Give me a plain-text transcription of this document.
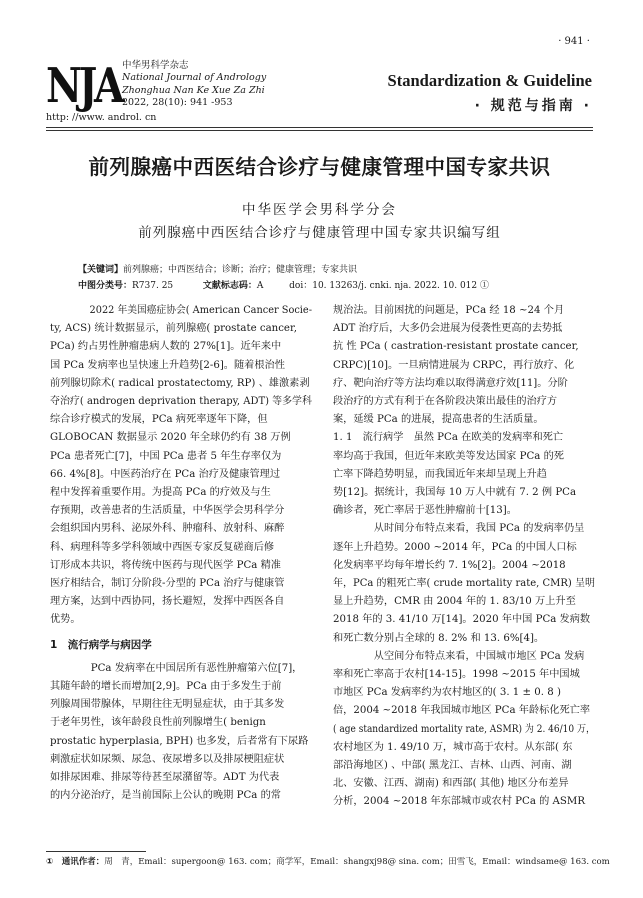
· 941 ·
NJA 中华男科学杂志
National Journal of Andrology
Zhonghua Nan Ke Xue Za Zhi
2022, 28(10): 941 -953
http: //www. androl. cn
Standardization & Guideline
· 规范与指南 ·
前列腺癌中西医结合诊疗与健康管理中国专家共识
中华医学会男科学分会
前列腺癌中西医结合诊疗与健康管理中国专家共识编写组
【关键词】前列腺癌；中西医结合；诊断；治疗；健康管理；专家共识
中图分类号：R737. 25	文献标志码：A	doi：10. 13263/j. cnki. nja. 2022. 10. 012 ①

2022 年美国癌症协会( American Cancer Socie-

ty, ACS) 统计数据显示，前列腺癌( prostate cancer,

PCa) 约占男性肿瘤患病人数的 27%[1]。近年来中

国 PCa 发病率也呈快速上升趋势[2-6]。随着根治性

前列腺切除术( radical prostatectomy, RP) 、雄激素剥

夺治疗( androgen deprivation therapy, ADT) 等多学科

综合诊疗模式的发展，PCa 病死率逐年下降，但

GLOBOCAN 数据显示 2020 年全球仍约有 38 万例

PCa 患者死亡[7]，中国 PCa 患者 5 年生存率仅为

66. 4%[8]。中医药治疗在 PCa 治疗及健康管理过

程中发挥着重要作用。为提高 PCa 的疗效及与生

存预期，改善患者的生活质量，中华医学会男科学分

会组织国内男科、泌尿外科、肿瘤科、放射科、麻醉

科、病理科等多学科领域中西医专家反复磋商后修

订形成本共识，将传统中医药与现代医学 PCa 精准

医疗相结合，制订分阶段-分型的 PCa 治疗与健康管

理方案，达到中西协同，扬长避短，发挥中西医各自

优势。

1　流行病学与病因学

PCa 发病率在中国居所有恶性肿瘤第六位[7]，

其随年龄的增长而增加[2,9]。PCa 由于多发生于前

列腺周围带腺体，早期往往无明显症状，由于其多发

于老年男性，该年龄段良性前列腺增生( benign

prostatic hyperplasia, BPH) 也多发，后者常有下尿路

刺激症状如尿频、尿急、夜尿增多以及排尿梗阻症状

如排尿困难、排尿等待甚至尿潴留等。ADT 为代表

的内分泌治疗，是当前国际上公认的晚期 PCa 的常

规治法。目前困扰的问题是，PCa 经 18 ~24 个月

ADT 治疗后，大多仍会进展为侵袭性更高的去势抵

抗 性 PCa ( castration-resistant prostate cancer,

CRPC)[10]。一旦病情进展为 CRPC，再行放疗、化

疗、靶向治疗等方法均难以取得满意疗效[11]。分阶

段治疗的方式有利于在各阶段决策出最佳的治疗方

案，延缓 PCa 的进展，提高患者的生活质量。

1. 1　流行病学　虽然 PCa 在欧美的发病率和死亡

率均高于我国，但近年来欧美等发达国家 PCa 的死

亡率下降趋势明显，而我国近年来却呈现上升趋

势[12]。据统计，我国每 10 万人中就有 7. 2 例 PCa

确诊者，死亡率居于恶性肿瘤前十[13]。

从时间分布特点来看，我国 PCa 的发病率仍呈

逐年上升趋势。2000 ~2014 年，PCa 的中国人口标

化发病率平均每年增长约 7. 1%[2]。2004 ~2018

年，PCa 的粗死亡率( crude mortality rate, CMR) 呈明

显上升趋势，CMR 由 2004 年的 1. 83/10 万上升至

2018 年的 3. 41/10 万[14]。2020 年中国 PCa 发病数

和死亡数分别占全球的 8. 2% 和 13. 6%[4]。

从空间分布特点来看，中国城市地区 PCa 发病

率和死亡率高于农村[14-15]。1998 ~2015 年中国城

市地区 PCa 发病率约为农村地区的( 3. 1 ± 0. 8 )

倍，2004 ~2018 年我国城市地区 PCa 年龄标化死亡率

( age standardized mortality rate, ASMR) 为 2. 46/10 万，

农村地区为 1. 49/10 万，城市高于农村。从东部( 东

部沿海地区) 、中部( 黑龙江、吉林、山西、河南、湖

北、安徽、江西、湖南) 和西部( 其他) 地区分布差异

分析，2004 ~2018 年东部城市或农村 PCa 的 ASMR

①　通讯作者：周　青，Email：supergoon@ 163. com；商学军，Email：shangxj98@ sina. com；田雪飞，Email：windsame@ 163. com
